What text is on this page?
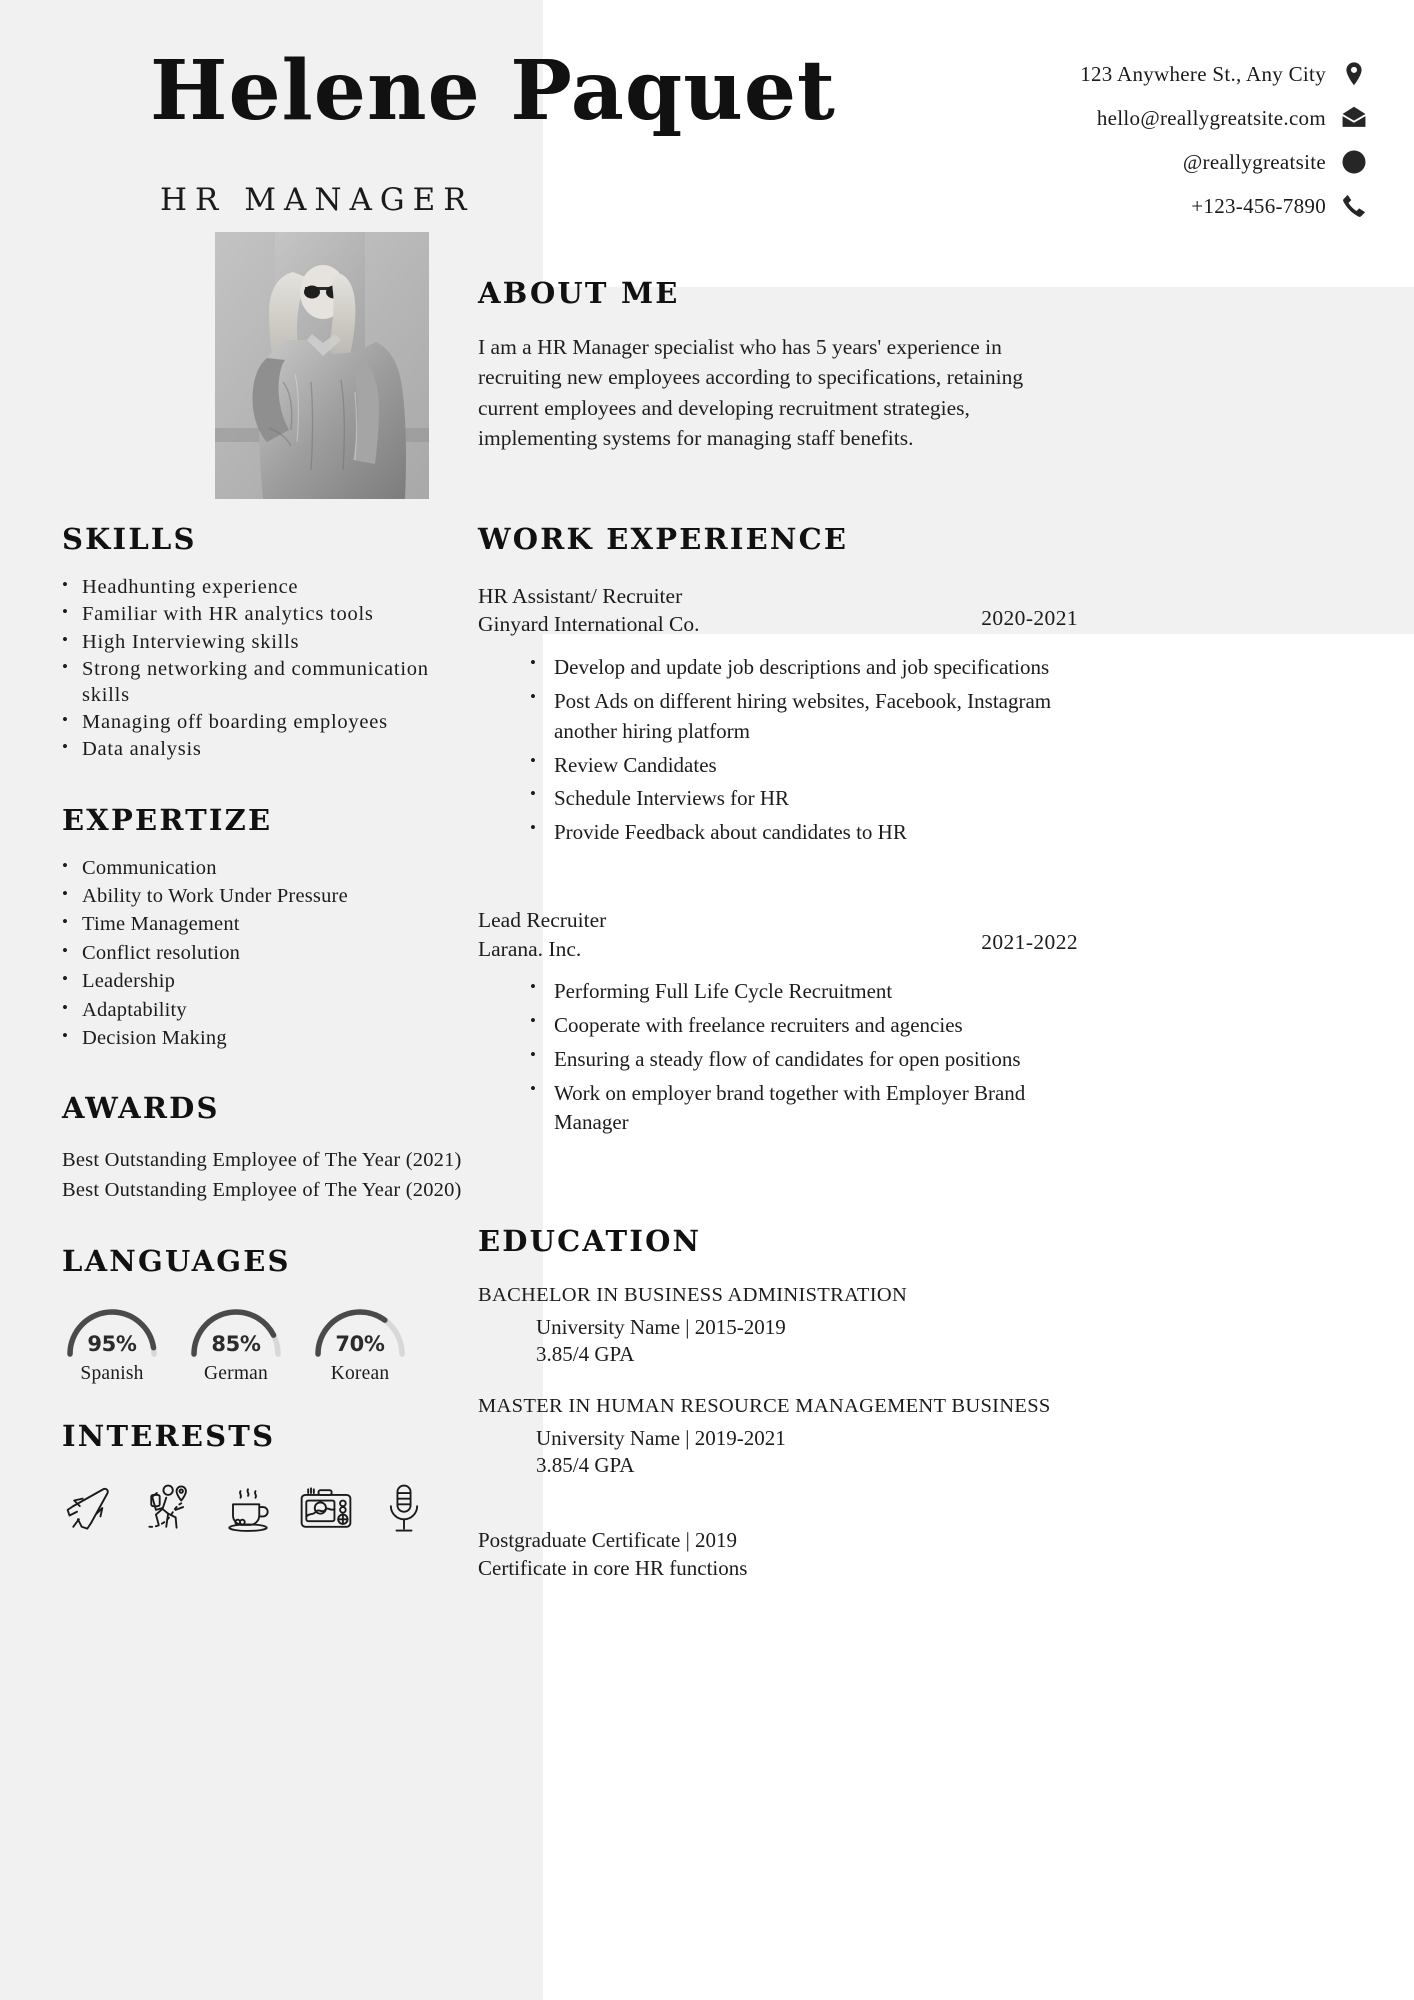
Helene Paquet
HR MANAGER
123 Anywhere St., Any City
hello@reallygreatsite.com
@reallygreatsite
+123-456-7890
ABOUT ME
I am a HR Manager specialist who has 5 years' experience in recruiting new employees according to specifications, retaining current employees and developing recruitment strategies, implementing systems for managing staff benefits.
SKILLS
• Headhunting experience
• Familiar with HR analytics tools
• High Interviewing skills
• Strong networking and communication skills
• Managing off boarding employees
• Data analysis
EXPERTIZE
• Communication
• Ability to Work Under Pressure
• Time Management
• Conflict resolution
• Leadership
• Adaptability
• Decision Making
AWARDS
Best Outstanding Employee of The Year (2021)
Best Outstanding Employee of The Year (2020)
LANGUAGES
95%
Spanish
85%
German
70%
Korean
INTERESTS
WORK EXPERIENCE
HR Assistant/ Recruiter
Ginyard International Co.	2020-2021
• Develop and update job descriptions and job specifications
• Post Ads on different hiring websites, Facebook, Instagram another hiring platform
• Review Candidates
• Schedule Interviews for HR
• Provide Feedback about candidates to HR
Lead Recruiter
Larana. Inc.	2021-2022
• Performing Full Life Cycle Recruitment
• Cooperate with freelance recruiters and agencies
• Ensuring a steady flow of candidates for open positions
• Work on employer brand together with Employer Brand Manager
EDUCATION
BACHELOR IN BUSINESS ADMINISTRATION
University Name | 2015-2019
3.85/4 GPA
MASTER IN HUMAN RESOURCE MANAGEMENT BUSINESS
University Name | 2019-2021
3.85/4 GPA
Postgraduate Certificate | 2019
Certificate in core HR functions
